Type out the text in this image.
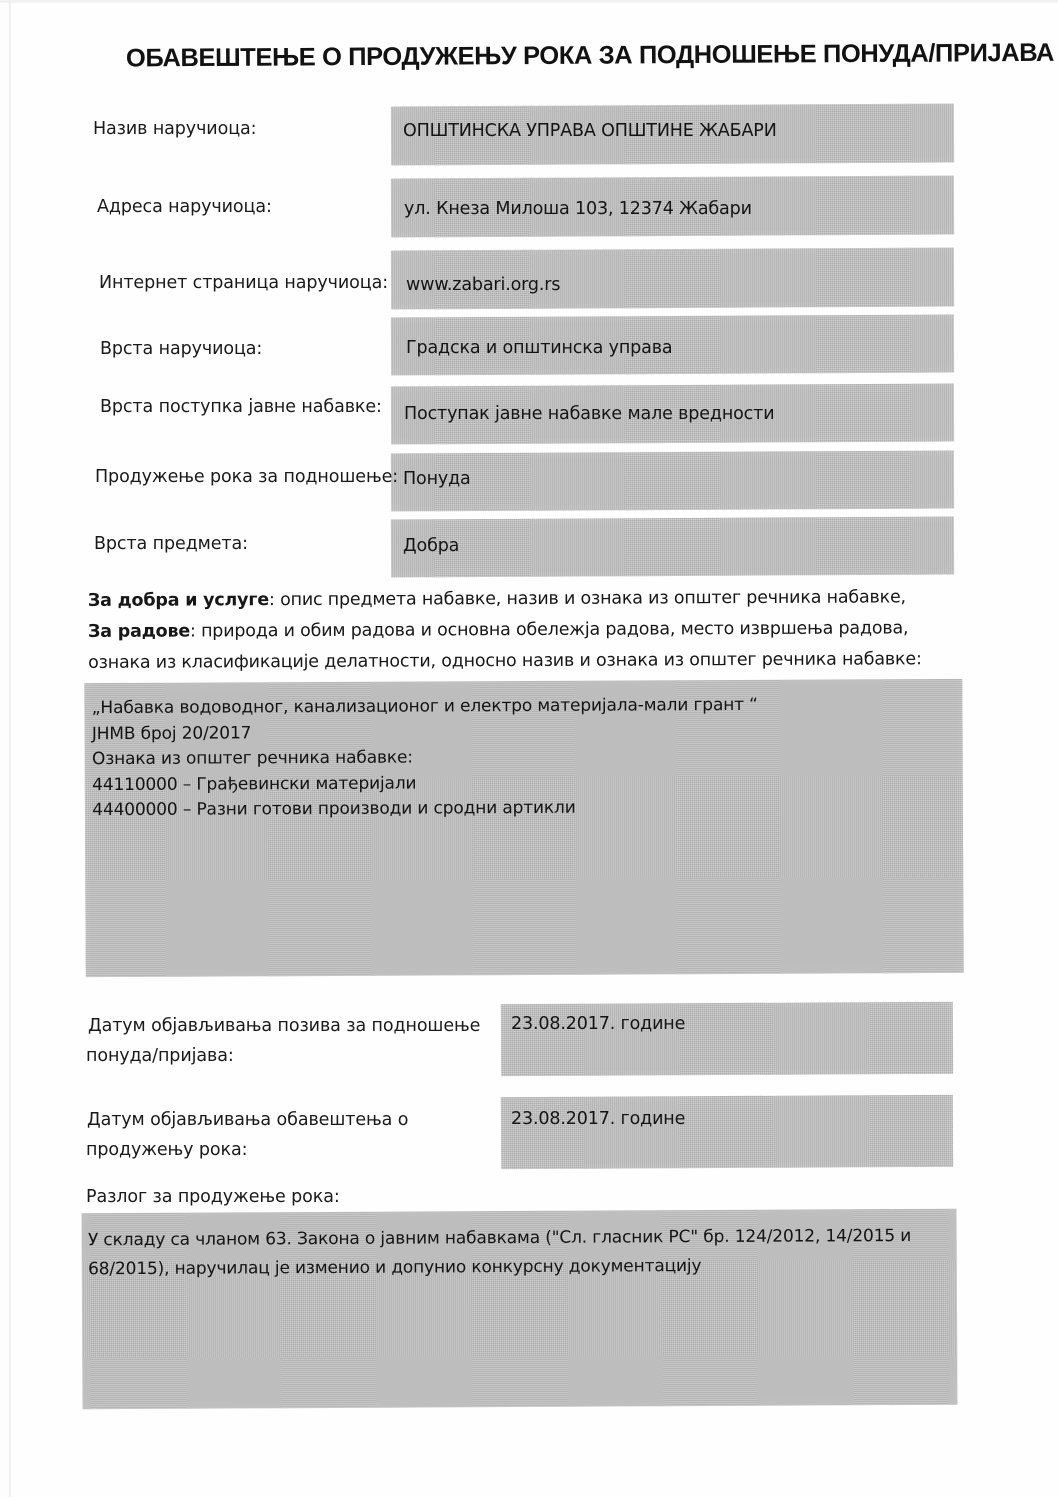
ОБАВЕШТЕЊЕ О ПРОДУЖЕЊУ РОКА ЗА ПОДНОШЕЊЕ ПОНУДА/ПРИЈАВА
Назив наручиоца:	ОПШТИНСКА УПРАВА ОПШТИНЕ ЖАБАРИ
Адреса наручиоца:	ул. Кнеза Милоша 103, 12374 Жабари
Интернет страница наручиоца: www.zabari.org.rs
Врста наручиоца:	Градска и општинска управа
Врста поступка јавне набавке: Поступак јавне набавке мале вредности
Продужење рока за подношење: Понуда
Врста предмета:	Добра
За добра и услуге: опис предмета набавке, назив и ознака из општег речника набавке,
За радове: природа и обим радова и основна обележја радова, место извршења радова,
ознака из класификације делатности, односно назив и ознака из општег речника набавке:
„Набавка водоводног, канализационог и електро материјала-мали грант “
ЈНМВ број 20/2017
Ознака из општег речника набавке:
44110000 – Грађевински материјали
44400000 – Разни готови производи и сродни артикли
Датум објављивања позива за подношење
понуда/пријава:
23.08.2017. године
Датум објављивања обавештења о
продужењу рока:
23.08.2017. године
Разлог за продужење рока:
У складу са чланом 63. Закона о јавним набавкама ("Сл. гласник РС" бр. 124/2012, 14/2015 и
68/2015), наручилац је изменио и допунио конкурсну документацију
